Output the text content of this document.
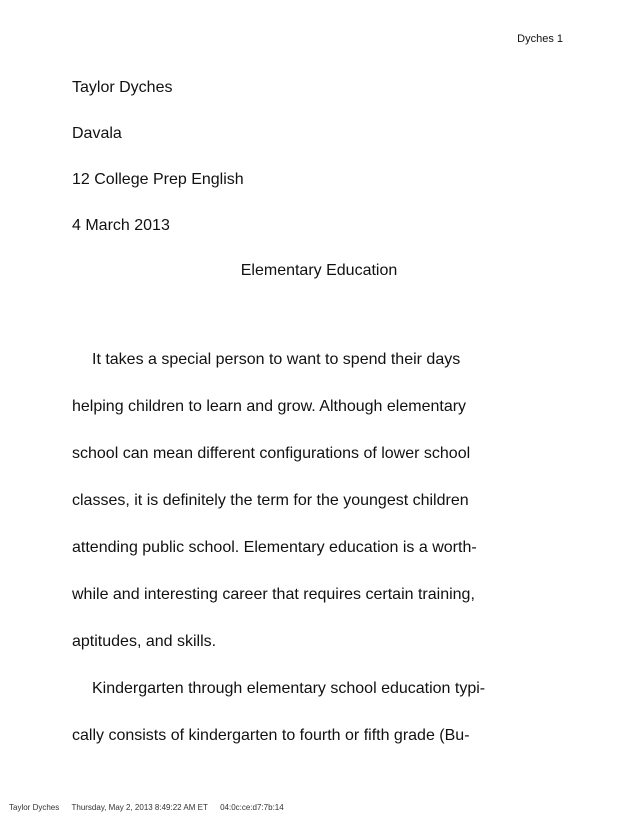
Dyches 1
Taylor Dyches
Davala
12 College Prep English
4 March 2013
Elementary Education
It takes a special person to want to spend their days
helping children to learn and grow. Although elementary
school can mean different configurations of lower school
classes, it is definitely the term for the youngest children
attending public school. Elementary education is a worth-
while and interesting career that requires certain training,
aptitudes, and skills.
Kindergarten through elementary school education typi-
cally consists of kindergarten to fourth or fifth grade (Bu-
Taylor Dyches Thursday, May 2, 2013 8:49:22 AM ET 04:0c:ce:d7:7b:14
